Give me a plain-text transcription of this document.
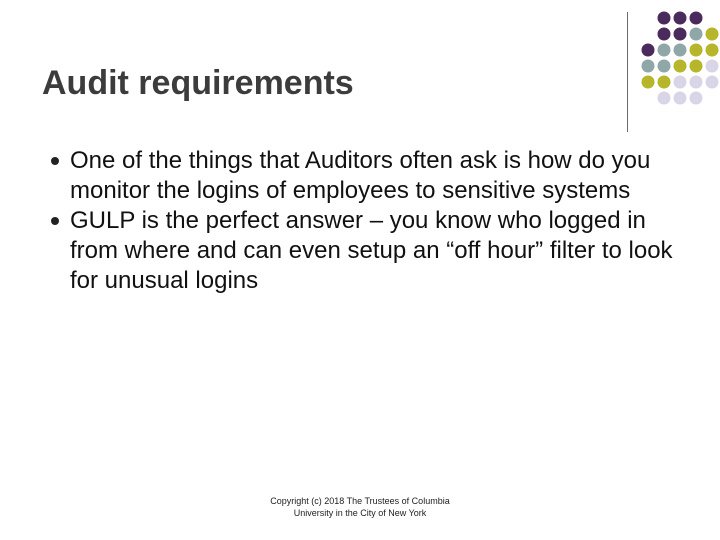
Audit requirements
One of the things that Auditors often ask is how do you monitor the logins of employees to sensitive systems
GULP is the perfect answer – you know who logged in from where and can even setup an “off hour” filter to look for unusual logins
Copyright (c) 2018 The Trustees of Columbia
University in the City of New York
